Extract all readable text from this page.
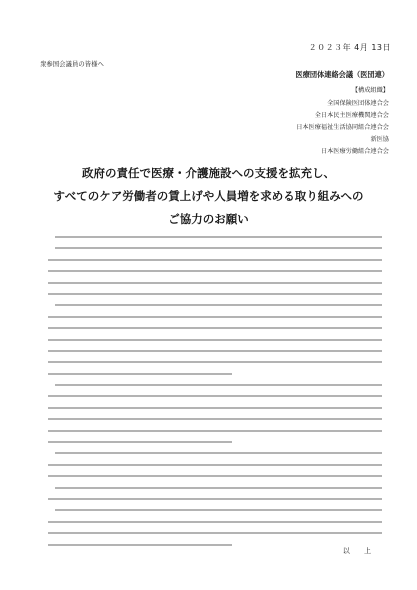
２０２３年 4月 13日
衆参国会議員の皆様へ
医療団体連絡会議（医団連）
【構成組織】
全国保険医団体連合会
全日本民主医療機関連合会
日本医療福祉生活協同組合連合会
新医協
日本医療労働組合連合会
政府の責任で医療・介護施設への支援を拡充し、
すべてのケア労働者の賃上げや人員増を求める取り組みへの
ご協力のお願い
以 上
